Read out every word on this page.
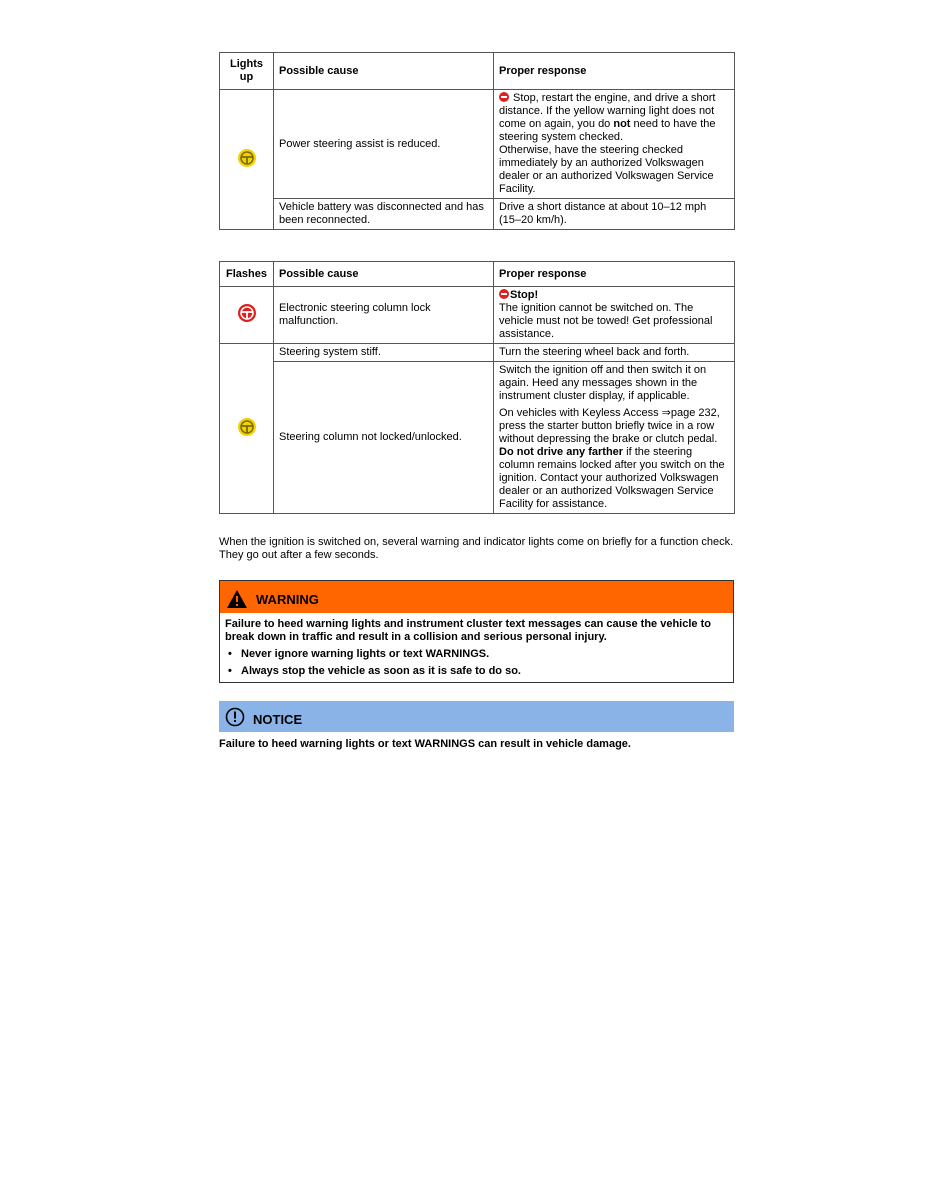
Lights up	Possible cause	Proper response
	Power steering assist is reduced.	Stop, restart the engine, and drive a short distance. If the yellow warning light does not come on again, you do not need to have the steering system checked.
Otherwise, have the steering checked immediately by an authorized Volkswagen dealer or an authorized Volkswagen Service Facility.
	Vehicle battery was disconnected and has been reconnected.	Drive a short distance at about 10–12 mph (15–20 km/h).
Flashes	Possible cause	Proper response
	Electronic steering column lock malfunction.	Stop!
The ignition cannot be switched on. The vehicle must not be towed! Get professional assistance.
	Steering system stiff.	Turn the steering wheel back and forth.
	Steering column not locked/unlocked.	Switch the ignition off and then switch it on again. Heed any messages shown in the instrument cluster display, if applicable.
On vehicles with Keyless Access ⇒page 232, press the starter button briefly twice in a row without depressing the brake or clutch pedal. Do not drive any farther if the steering column remains locked after you switch on the ignition. Contact your authorized Volkswagen dealer or an authorized Volkswagen Service Facility for assistance.

When the ignition is switched on, several warning and indicator lights come on briefly for a function check. They go out after a few seconds.

WARNING
Failure to heed warning lights and instrument cluster text messages can cause the vehicle to break down in traffic and result in a collision and serious personal injury.
• Never ignore warning lights or text WARNINGS.
• Always stop the vehicle as soon as it is safe to do so.
NOTICE
Failure to heed warning lights or text WARNINGS can result in vehicle damage.
